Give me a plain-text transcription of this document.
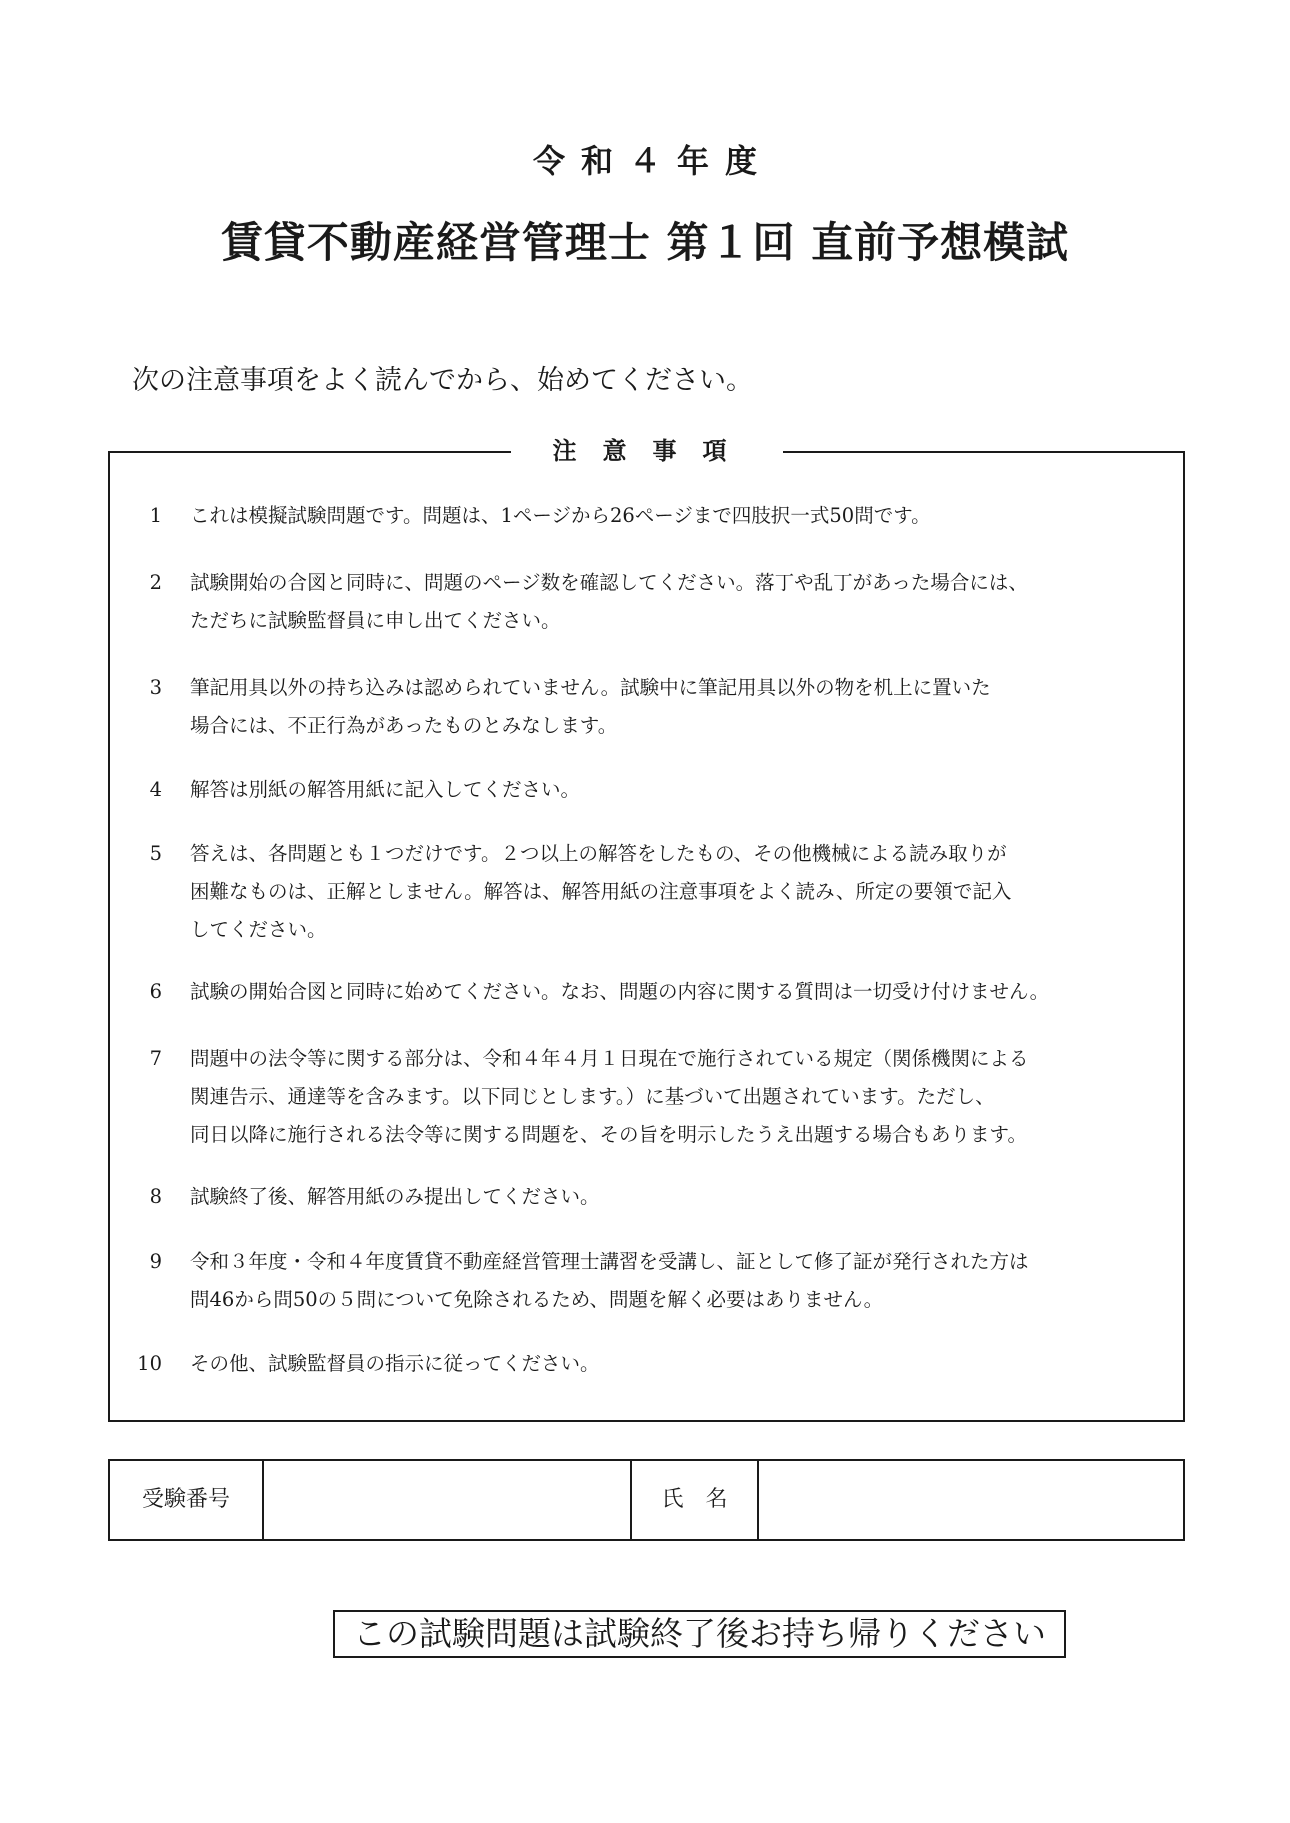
令和４年度
賃貸不動産経営管理士 第１回 直前予想模試
次の注意事項をよく読んでから、始めてください。
注意事項
1 これは模擬試験問題です。問題は、1ページから26ページまで四肢択一式50問です。
2 試験開始の合図と同時に、問題のページ数を確認してください。落丁や乱丁があった場合には、
ただちに試験監督員に申し出てください。
3 筆記用具以外の持ち込みは認められていません。試験中に筆記用具以外の物を机上に置いた
場合には、不正行為があったものとみなします。
4 解答は別紙の解答用紙に記入してください。
5 答えは、各問題とも１つだけです。２つ以上の解答をしたもの、その他機械による読み取りが
困難なものは、正解としません。解答は、解答用紙の注意事項をよく読み、所定の要領で記入
してください。
6 試験の開始合図と同時に始めてください。なお、問題の内容に関する質問は一切受け付けません。
7 問題中の法令等に関する部分は、令和４年４月１日現在で施行されている規定（関係機関による
関連告示、通達等を含みます。以下同じとします。）に基づいて出題されています。ただし、
同日以降に施行される法令等に関する問題を、その旨を明示したうえ出題する場合もあります。
8 試験終了後、解答用紙のみ提出してください。
9 令和３年度・令和４年度賃貸不動産経営管理士講習を受講し、証として修了証が発行された方は
問46から問50の５問について免除されるため、問題を解く必要はありません。
10 その他、試験監督員の指示に従ってください。
受験番号	氏　名
この試験問題は試験終了後お持ち帰りください
